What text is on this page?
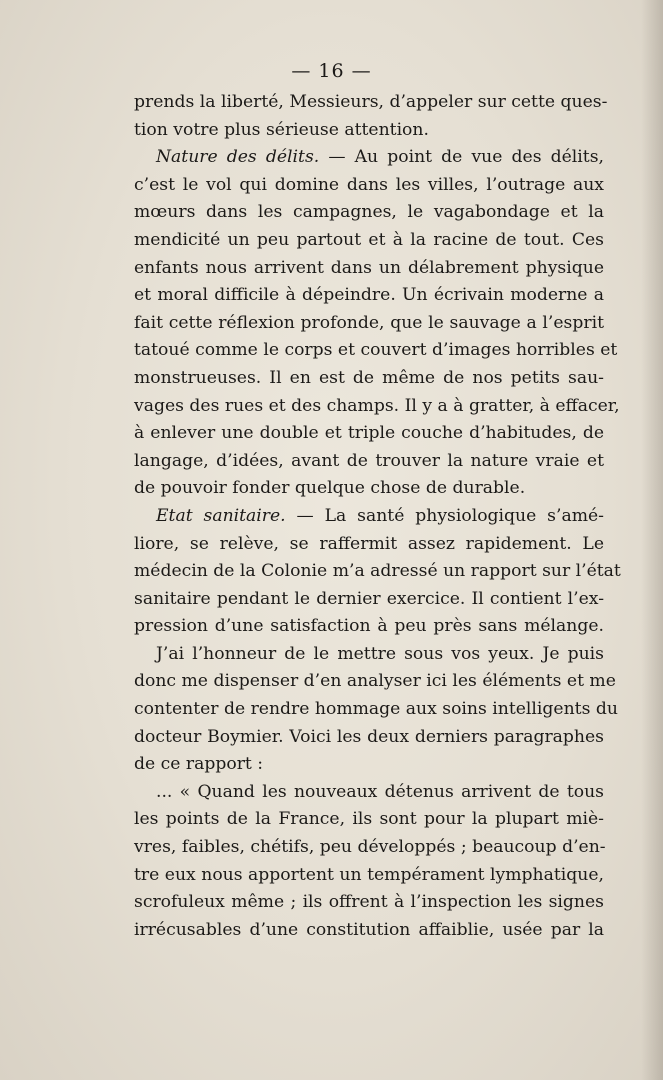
— 16 —
prends la liberté, Messieurs, d’appeler sur cette ques-
tion votre plus sérieuse attention.
Nature des délits. — Au point de vue des délits,
c’est le vol qui domine dans les villes, l’outrage aux
mœurs dans les campagnes, le vagabondage et la
mendicité un peu partout et à la racine de tout. Ces
enfants nous arrivent dans un délabrement physique
et moral difficile à dépeindre. Un écrivain moderne a
fait cette réflexion profonde, que le sauvage a l’esprit
tatoué comme le corps et couvert d’images horribles et
monstrueuses. Il en est de même de nos petits sau-
vages des rues et des champs. Il y a à gratter, à effacer,
à enlever une double et triple couche d’habitudes, de
langage, d’idées, avant de trouver la nature vraie et
de pouvoir fonder quelque chose de durable.
Etat sanitaire. — La santé physiologique s’amé-
liore, se relève, se raffermit assez rapidement. Le
médecin de la Colonie m’a adressé un rapport sur l’état
sanitaire pendant le dernier exercice. Il contient l’ex-
pression d’une satisfaction à peu près sans mélange.
J’ai l’honneur de le mettre sous vos yeux. Je puis
donc me dispenser d’en analyser ici les éléments et me
contenter de rendre hommage aux soins intelligents du
docteur Boymier. Voici les deux derniers paragraphes
de ce rapport :
... « Quand les nouveaux détenus arrivent de tous
les points de la France, ils sont pour la plupart miè-
vres, faibles, chétifs, peu développés ; beaucoup d’en-
tre eux nous apportent un tempérament lymphatique,
scrofuleux même ; ils offrent à l’inspection les signes
irrécusables d’une constitution affaiblie, usée par la
